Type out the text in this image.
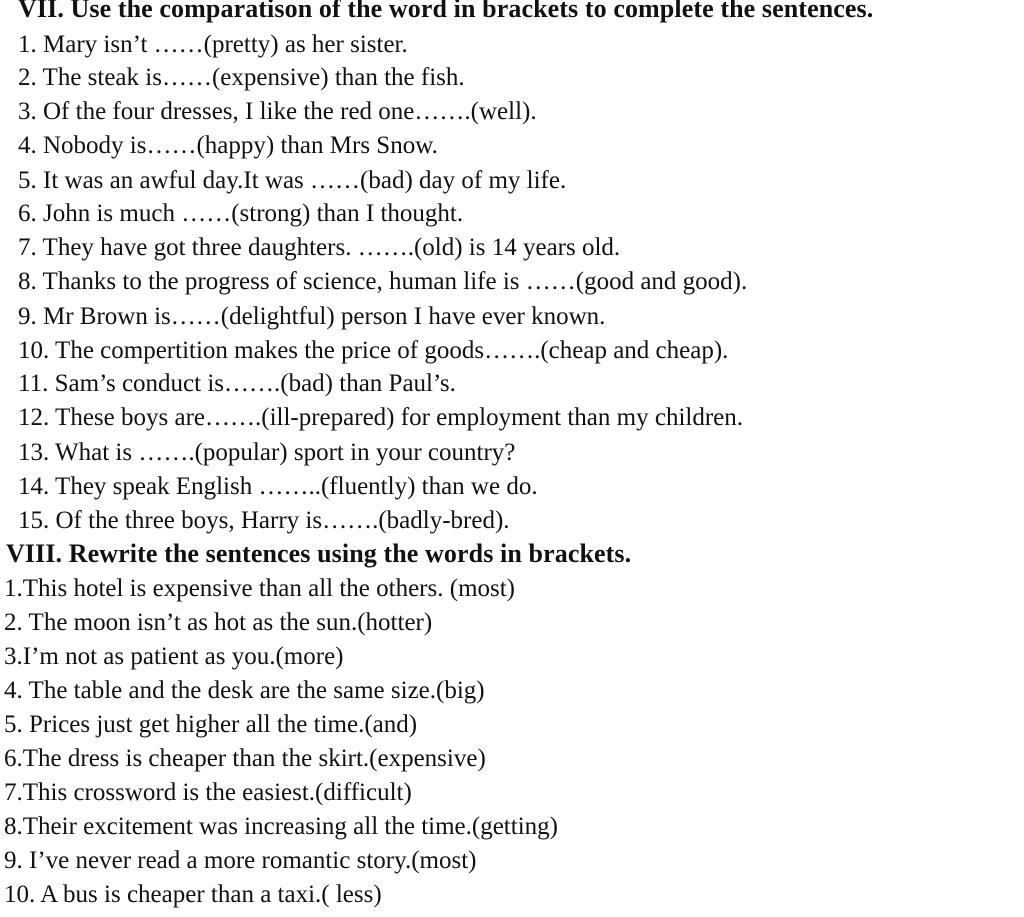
VII. Use the comparatison of the word in brackets to complete the sentences.
1. Mary isn’t ……(pretty) as her sister.
2. The steak is……(expensive) than the fish.
3. Of the four dresses, I like the red one…….(well).
4. Nobody is……(happy) than Mrs Snow.
5. It was an awful day.It was ……(bad) day of my life.
6. John is much ……(strong) than I thought.
7. They have got three daughters. …….(old) is 14 years old.
8. Thanks to the progress of science, human life is ……(good and good).
9. Mr Brown is……(delightful) person I have ever known.
10. The compertition makes the price of goods…….(cheap and cheap).
11. Sam’s conduct is…….(bad) than Paul’s.
12. These boys are…….(ill-prepared) for employment than my children.
13. What is …….(popular) sport in your country?
14. They speak English ……..(fluently) than we do.
15. Of the three boys, Harry is…….(badly-bred).
VIII. Rewrite the sentences using the words in brackets.
1.This hotel is expensive than all the others. (most)
2. The moon isn’t as hot as the sun.(hotter)
3.I’m not as patient as you.(more)
4. The table and the desk are the same size.(big)
5. Prices just get higher all the time.(and)
6.The dress is cheaper than the skirt.(expensive)
7.This crossword is the easiest.(difficult)
8.Their excitement was increasing all the time.(getting)
9. I’ve never read a more romantic story.(most)
10. A bus is cheaper than a taxi.( less)
